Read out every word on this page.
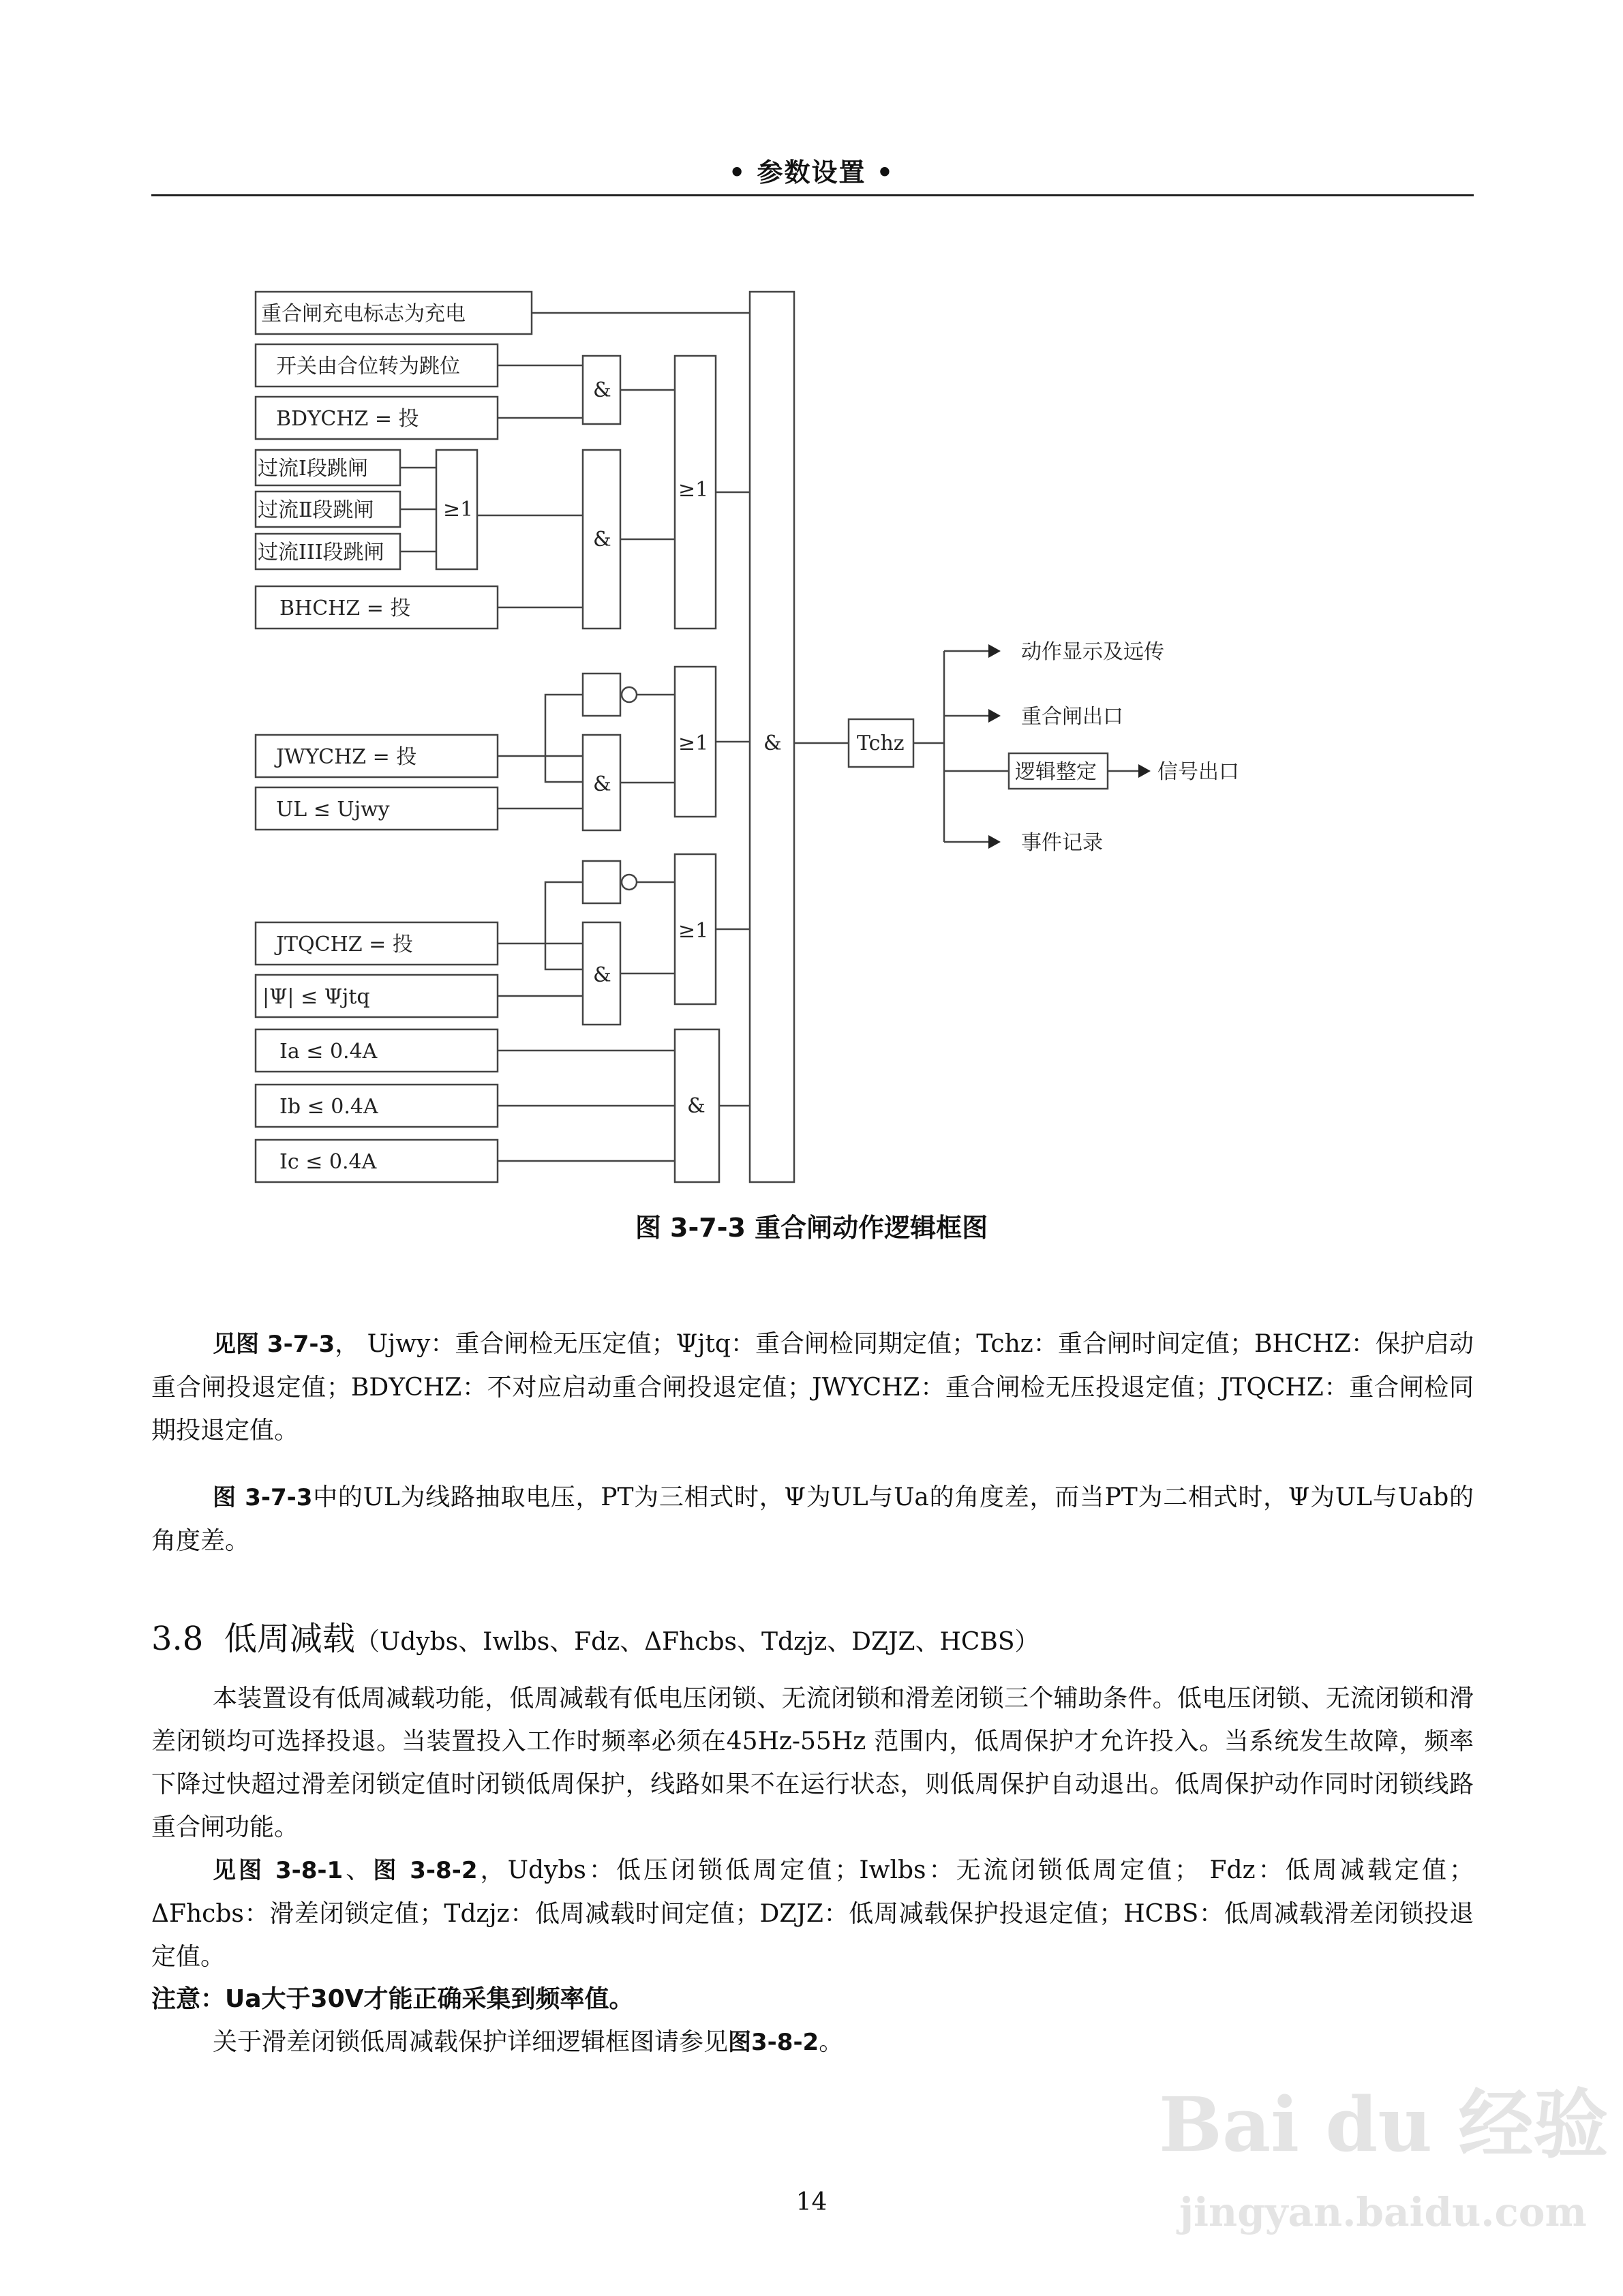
• 参数设置 •
重合闸充电标志为充电
开关由合位转为跳位
BDYCHZ = 投
过流Ⅰ段跳闸
过流Ⅱ段跳闸
过流III段跳闸
BHCHZ = 投
JWYCHZ = 投
UL ≤ Ujwy
JTQCHZ = 投
|Ψ| ≤ Ψjtq
Ia ≤ 0.4A
Ib ≤ 0.4A
Ic ≤ 0.4A
&
≥1
&
≥1
≥1
&
≥1
&
&
&	Tchz
逻辑整定
动作显示及远传
重合闸出口
信号出口
事件记录
图 3-7-3 重合闸动作逻辑框图
见图 3-7-3， Ujwy：重合闸检无压定值；Ψjtq：重合闸检同期定值；Tchz：重合闸时间定值；BHCHZ：保护启动重合闸投退定值；BDYCHZ：不对应启动重合闸投退定值；JWYCHZ：重合闸检无压投退定值；JTQCHZ：重合闸检同期投退定值。
图 3-7-3中的UL为线路抽取电压，PT为三相式时，Ψ为UL与Ua的角度差，而当PT为二相式时，Ψ为UL与Uab的角度差。
3.8 低周减载（Udybs、Iwlbs、Fdz、ΔFhcbs、Tdzjz、DZJZ、HCBS）
本装置设有低周减载功能，低周减载有低电压闭锁、无流闭锁和滑差闭锁三个辅助条件。低电压闭锁、无流闭锁和滑差闭锁均可选择投退。当装置投入工作时频率必须在45Hz-55Hz 范围内，低周保护才允许投入。当系统发生故障，频率下降过快超过滑差闭锁定值时闭锁低周保护，线路如果不在运行状态，则低周保护自动退出。低周保护动作同时闭锁线路重合闸功能。
见图 3-8-1、图 3-8-2，Udybs：低压闭锁低周定值；Iwlbs：无流闭锁低周定值； Fdz：低周减载定值；ΔFhcbs：滑差闭锁定值；Tdzjz：低周减载时间定值；DZJZ：低周减载保护投退定值；HCBS：低周减载滑差闭锁投退定值。
注意：Ua大于30V才能正确采集到频率值。
关于滑差闭锁低周减载保护详细逻辑框图请参见图3-8-2。
14
Bai du 经验
jingyan.baidu.com
